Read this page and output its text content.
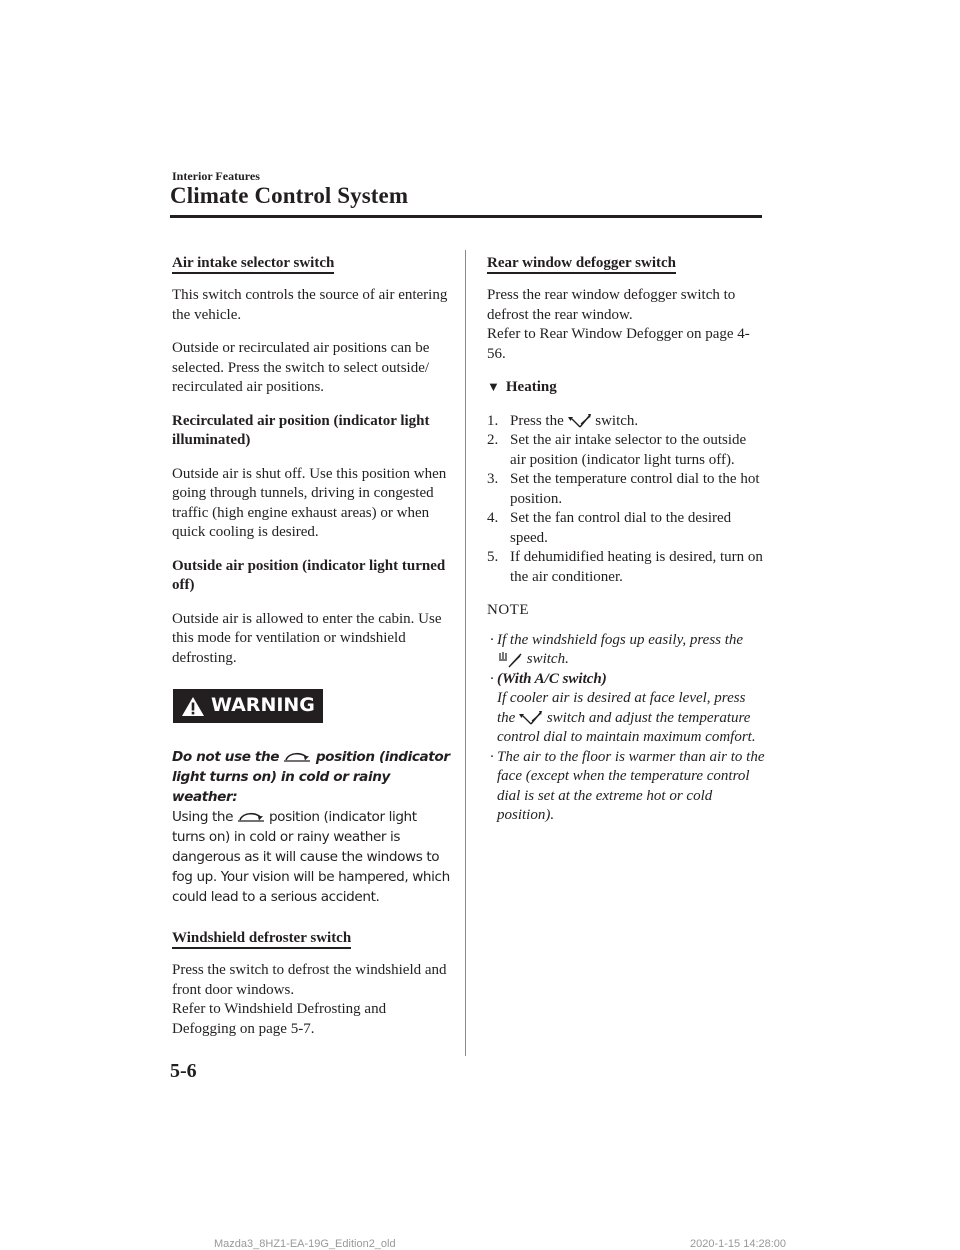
Interior Features
Climate Control System
Air intake selector switch

This switch controls the source of air entering the vehicle.

Outside or recirculated air positions can be selected. Press the switch to select outside/ recirculated air positions.

Recirculated air position (indicator light illuminated)

Outside air is shut off. Use this position when going through tunnels, driving in congested traffic (high engine exhaust areas) or when quick cooling is desired.

Outside air position (indicator light turned off)

Outside air is allowed to enter the cabin. Use this mode for ventilation or windshield defrosting.

WARNING
Do not use the	position (indicator light turns on) in cold or rainy weather:
Using the	position (indicator light turns on) in cold or rainy weather is dangerous as it will cause the windows to fog up. Your vision will be hampered, which could lead to a serious accident.
Windshield defroster switch

Press the switch to defrost the windshield and front door windows.

Refer to Windshield Defrosting and Defogging on page 5-7.

Rear window defogger switch

Press the rear window defogger switch to defrost the rear window.

Refer to Rear Window Defogger on page 4-56.

▼ Heating
1. Press the switch.
2. Set the air intake selector to the outside air position (indicator light turns off).
3. Set the temperature control dial to the hot position.
4. Set the fan control dial to the desired speed.
5. If dehumidified heating is desired, turn on the air conditioner.

NOTE

· If the windshield fogs up easily, press the  switch.
· (With A/C switch)
If cooler air is desired at face level, press the switch and adjust the temperature control dial to maintain maximum comfort.
· The air to the floor is warmer than air to the face (except when the temperature control dial is set at the extreme hot or cold position).
5-6
Mazda3_8HZ1-EA-19G_Edition2_old	2020-1-15 14:28:00
